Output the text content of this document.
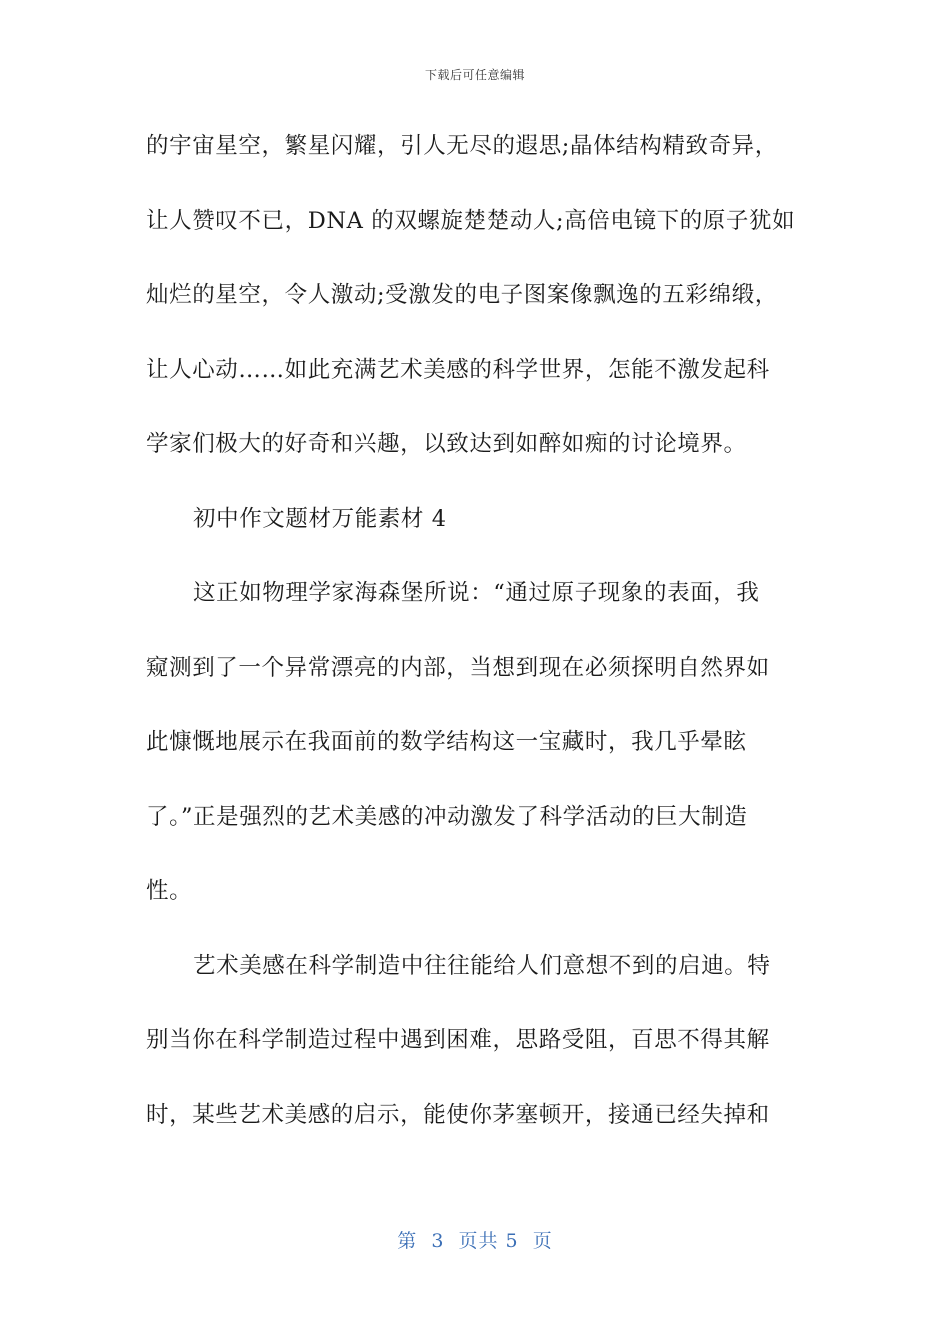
下载后可任意编辑
的宇宙星空，繁星闪耀，引人无尽的遐思;晶体结构精致奇异，
让人赞叹不已，DNA 的双螺旋楚楚动人;高倍电镜下的原子犹如
灿烂的星空，令人激动;受激发的电子图案像飘逸的五彩绵缎，
让人心动……如此充满艺术美感的科学世界，怎能不激发起科
学家们极大的好奇和兴趣，以致达到如醉如痴的讨论境界。
初中作文题材万能素材 4
这正如物理学家海森堡所说：“通过原子现象的表面，我
窥测到了一个异常漂亮的内部，当想到现在必须探明自然界如
此慷慨地展示在我面前的数学结构这一宝藏时，我几乎晕眩
了。”正是强烈的艺术美感的冲动激发了科学活动的巨大制造
性。
艺术美感在科学制造中往往能给人们意想不到的启迪。特
别当你在科学制造过程中遇到困难，思路受阻，百思不得其解
时，某些艺术美感的启示，能使你茅塞顿开，接通已经失掉和
第  3  页共 5  页
